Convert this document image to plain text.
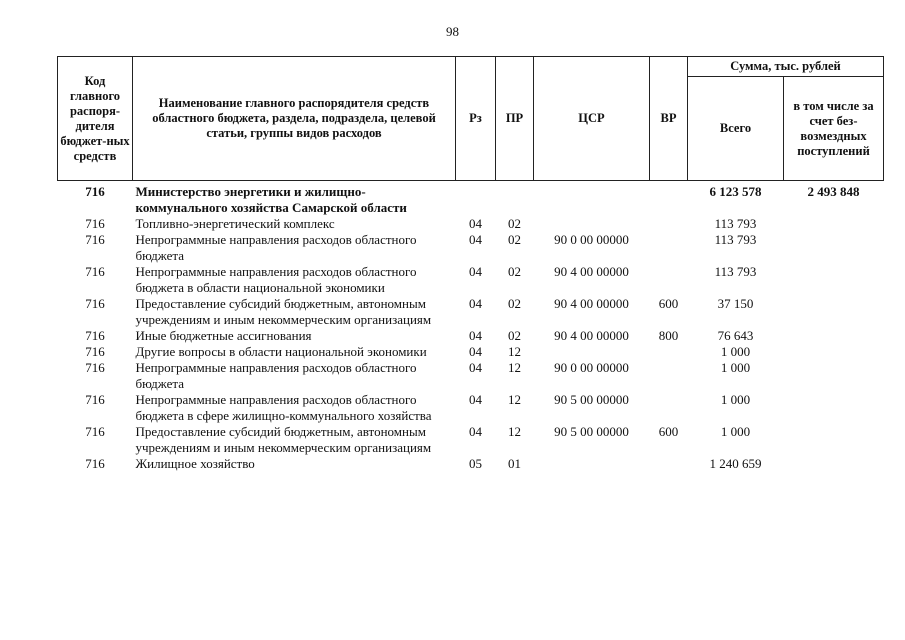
98
Код главного распоря-дителя бюджет-ных средств	Наименование главного распорядителя средств областного бюджета, раздела, подраздела, целевой статьи, группы видов расходов	Рз	ПР	ЦСР	ВР	Сумма, тыс. рублей	
						Всего	в том числе за счет без-возмездных поступлений
716	Министерство энергетики и жилищно-коммунального хозяйства Самарской области					6 123 578	2 493 848
716	Топливно-энергетический комплекс	04	02			113 793	
716	Непрограммные направления расходов областного бюджета	04	02	90 0 00 00000		113 793	
716	Непрограммные направления расходов областного бюджета в области национальной экономики	04	02	90 4 00 00000		113 793	
716	Предоставление субсидий бюджетным, автономным учреждениям и иным некоммерческим организациям	04	02	90 4 00 00000	600	37 150	
716	Иные бюджетные ассигнования	04	02	90 4 00 00000	800	76 643	
716	Другие вопросы в области национальной экономики	04	12			1 000	
716	Непрограммные направления расходов областного бюджета	04	12	90 0 00 00000		1 000	
716	Непрограммные направления расходов областного бюджета в сфере жилищно-коммунального хозяйства	04	12	90 5 00 00000		1 000	
716	Предоставление субсидий бюджетным, автономным учреждениям и иным некоммерческим организациям	04	12	90 5 00 00000	600	1 000	
716	Жилищное хозяйство	05	01			1 240 659	
